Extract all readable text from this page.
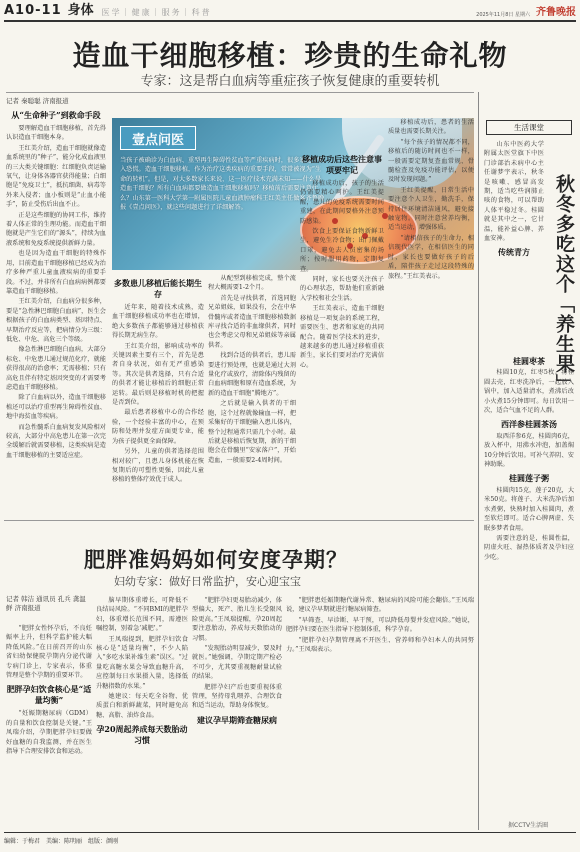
A10-11 身体 医学｜健康｜服务｜科普	2025年11月8日 星期六 齐鲁晚报
造血干细胞移植：珍贵的生命礼物
专家：这是帮白血病等重症孩子恢复健康的重要转机
记者 秦聪聪 济南报道
壹点问医
当孩子被确诊为白血病、重型再生障碍性贫血等严重疾病时，很多家庭会陷入恐慌。造血干细胞移植，作为治疗这类疾病的重要手段，常常被视为“生命的转机”。但是，对大多数家长来说，这一医疗技术充满未知——什么是造血干细胞？所有白血病都要做造血干细胞移植吗？移植前后需要注意什么？山东第一医科大学第一附属医院儿童血液肿瘤科王红美主任做客齐鲁晚报《壹点问医》，就这些问题进行了详细解答。
从“生命种子”到救命手段

要理解造血干细胞移植，首先得认识造血干细胞本身。

王红美介绍，造血干细胞就像造血系统里的“种子”，能分化成血液里的三大类关键细胞：红细胞负责运输氧气，让身体各器官获得能量；白细胞是“免疫卫士”，抵抗细菌、病毒等外来入侵者；血小板则是“止血小能手”，防止受伤后出血不止。

正是这些细胞的协同工作，维持着人体正常的生理功能。而造血干细胞就是产生它们的“源头”，持续为血液系统和免疫系统提供新鲜力量。

也是因为造血干细胞的特殊作用，目前造血干细胞移植已经成为治疗多种严重儿童血液疾病的重要手段。不过，并非所有白血病病例都要靠造血干细胞移植。

王红美介绍，白血病分很多种，要是“急性淋巴细胞白血病”，医生会根据孩子的白血病类型、基因特点、早期治疗反应等，把病情分为三级：低危、中危、高危三个等级。

像急性淋巴细胞白血病，大部分标危、中危患儿通过规范化疗，就能获得很高的治愈率；无需移植；只有高危且伴有特定基因突变的才需要考虑造血干细胞移植。

除了白血病以外，造血干细胞移植还可以治疗重型再生障碍性贫血、地中海贫血等疾病。

而急性髓系白血病复发风险相对较高，大部分中高危患儿在第一次完全缓解后就需要移植，这类疾病是造血干细胞移植的主要适应症。

多数患儿移植后能长期生存

近年来，随着技术成熟，造血干细胞移植成功率也在增加，绝大多数孩子都能够通过移植获得长期无病生存。

王红美介绍，影响成功率的关键因素主要有三个，首先是患者自身状况，如有无严重感染等。其次是供者选择，只有合适的供者才能让移植后的细胞正常运转。最后则是移植时机的把握是否到位。

最后患者移植中心的合作经验，一个经验丰富的中心，在预防和处理并发症方面更专业，能为孩子提供更全面保障。

另外，儿童的供者选择范围相对较广，且患儿身体机能在恢复期后的可塑性更强，因此儿童移植的整体疗效优于成人。

从配型到移植完成，整个流程大概需要1-2个月。

首先是寻找供者，首选同胞兄弟姐妹，如果没有，会在中华骨髓库或者造血干细胞移植数据库寻找合适的非血缘供者，同时也会考虑父母和兄弟姐妹等亲属供者。

找到合适的供者后，患儿需要进行预处理，也就是通过大剂量化疗或放疗，清除体内残留的白血病细胞和原有造血系统，为新的造血干细胞“腾地方”。

之后就是输入供者的干细胞，这个过程就像输血一样，把采集好的干细胞输入患儿体内，整个过程通常只需几个小时。最后就是移植后恢复期，新的干细胞会在骨髓里“安家落户”，开始造血，一般需要2-4周时间。

移植成功后这些注意事项要牢记

移植成功后，孩子的生活仍需要精心呵护。王红美提醒，患儿的免疫系统需要时间重建，在此期间要格外注意预防感染。

饮食上要保证食物新鲜卫生，避免生冷食物；出门佩戴口罩，避免去人员密集的场所；按时服用药物，定期复查。

同时，家长也要关注孩子的心理状态，帮助他们重新融入学校和社会生活。

王红美表示，造血干细胞移植是一项复杂的系统工程，需要医生、患者和家庭的共同配合。随着医学技术的进步，越来越多的患儿通过移植重获新生，家长们要对治疗充满信心。

移植成功后，患者的生活质量也需要长期关注。

“每个孩子的情况都不同，移植后的随访时间也不一样，一般需要定期复查血常规、骨髓检查及免疫功能评估，以便及时发现问题。”

王红美提醒，日常生活中要注意个人卫生，勤洗手，保持居住环境清洁通风，避免接触宠物。同时注意营养均衡，适当运动，增强体质。

“请相信孩子的生命力，相信现代医学，在相信医生的同时，家长也要做好孩子的后盾，陪伴孩子走过这段特殊的旅程。”王红美表示。

肥胖准妈妈如何安度孕期？
妇幼专家：做好日常监护，安心迎宝宝
记者 韩洁 通讯员 孔兵 龚温鲜 济南报道

“肥胖女性怀孕后，不良妊娠率上升，但科学监护能大幅降低风险。”在日前召开的山东省妇幼保健院孕期内分泌代谢专病门诊上，专家表示，体重管理是整个孕期的重要环节。

肥胖孕妇饮食核心是“适量均衡”

“妊娠期糖尿病（GDM）的自量和饮食控制是关键。”王凤瑞介绍，孕期肥胖孕妇要做好血糖的自我监测，并在医生指导下合理安排饮食和运动。

脑早期体重增长，可降低不良结局风险。“不同BMI的肥胖孕妇，体重增长范围不同，需遵医嘱控制，别着急‘减肥’。”

王凤瑞提到，肥胖孕妇饮食核心是“适量均衡”，不少人陷入“多吃水果补维生素”误区。“过量吃高糖水果会导致血糖升高，应控制每日水果摄入量，选择低升糖指数的水果。”

她建议：每天吃全谷物、优质蛋白和新鲜蔬菜，同时避免高糖、高脂、油炸食品。

孕20周起养成每天数胎动习惯

“肥胖孕妇更易胎动减少，体型偏大，死产、胎儿生长受限风险更高。”王凤瑞提醒，孕20周起要注意胎动，养成每天数胎动的习惯。

“发现胎动明显减少，要及时就医。”她强调，孕期定期产检必不可少，尤其要重视糖耐量试验的结果。

肥胖孕妇产后也要重视体重管理，坚持母乳喂养、合理饮食和适当运动，帮助身体恢复。

建议孕早期筛查糖尿病

“肥胖患妊娠期糖代谢异常、糖尿病的风险可能会翻倍。”王凤瑞说，建议孕早期就进行糖尿病筛查。

“早筛查、早诊断、早干预，可以降低母婴并发症风险。”她说，肥胖孕妇要在医生指导下控制体重，科学孕育。

“肥胖孕妇孕期管理离不开医生、营养师和孕妇本人的共同努力。”王凤瑞表示。

生活课堂
秋冬多吃这个「养生果」

山东中医药大学附属太医堂旗下中医门诊部治未病中心主任谢梦宇表示，秋冬是咳嗽、感冒高发期，适当吃些润肺止咳的食物，可以帮助人体平稳过冬。桂圆就是其中之一，它甘温，能补益心脾、养血安神。

传统青方
桂圆枣茶

桂圆10克，红枣5枚。将桂圆去壳，红枣洗净后，一起放入锅中，加入适量清水，煮沸后改小火煮15分钟即可。每日饮用一次，适合气血不足的人群。

西洋参桂圆茶汤

取西洋参6克，桂圆肉6克，放入杯中，用沸水冲泡，加盖焖10分钟后饮用。可补气养阴、安神助眠。

桂圆莲子粥

桂圆肉15克，莲子20克，大米50克。将莲子、大米洗净后加水煮粥，快熟时加入桂圆肉，煮至软烂即可。适合心脾两虚、失眠多梦者食用。

需要注意的是，桂圆性温，阴虚火旺、湿热体质者及孕妇应少吃。

据CCTV生活圈
编辑：于梅君　美编：陈明丽　组版：颜刚
